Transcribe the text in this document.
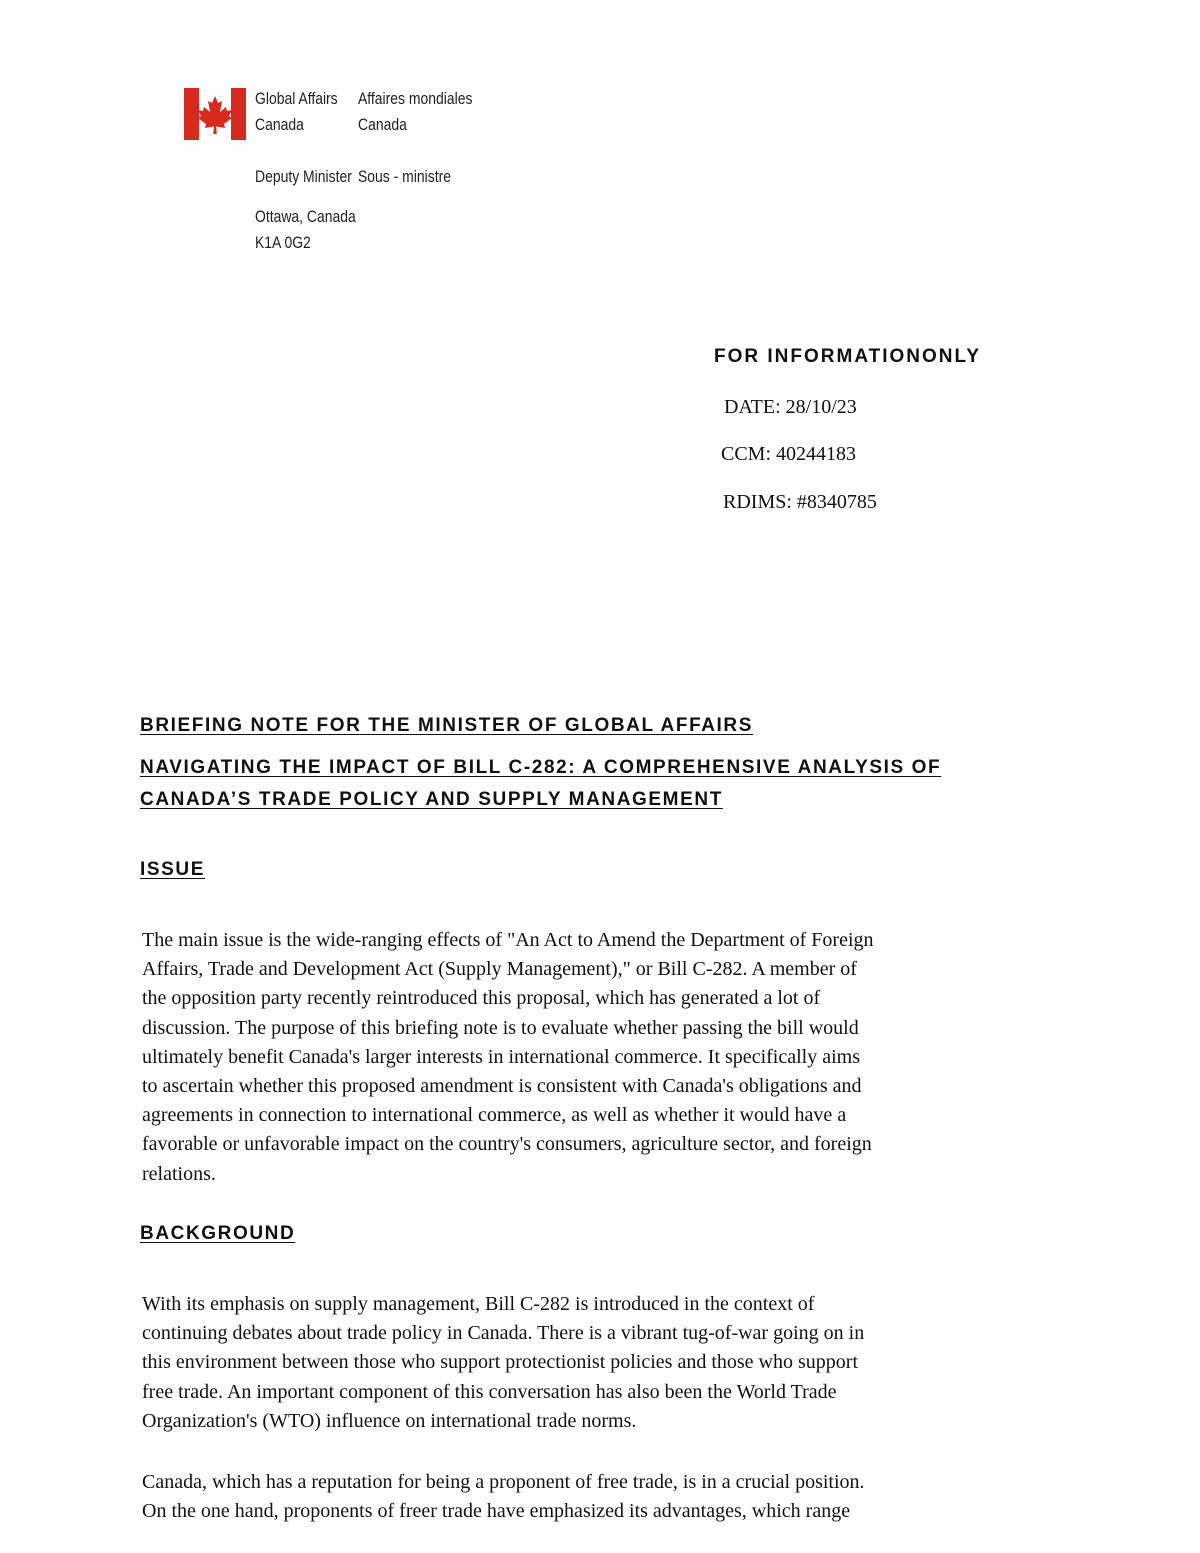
Global Affairs
Canada
Affaires mondiales
Canada
Deputy Minister Sous - ministre
Ottawa, Canada
K1A 0G2
FOR INFORMATIONONLY
DATE: 28/10/23
CCM: 40244183
RDIMS: #8340785
BRIEFING NOTE FOR THE MINISTER OF GLOBAL AFFAIRS
NAVIGATING THE IMPACT OF BILL C-282: A COMPREHENSIVE ANALYSIS OF
CANADA’S TRADE POLICY AND SUPPLY MANAGEMENT
ISSUE

The main issue is the wide-ranging effects of "An Act to Amend the Department of Foreign
Affairs, Trade and Development Act (Supply Management)," or Bill C-282. A member of
the opposition party recently reintroduced this proposal, which has generated a lot of
discussion. The purpose of this briefing note is to evaluate whether passing the bill would
ultimately benefit Canada's larger interests in international commerce. It specifically aims
to ascertain whether this proposed amendment is consistent with Canada's obligations and
agreements in connection to international commerce, as well as whether it would have a
favorable or unfavorable impact on the country's consumers, agriculture sector, and foreign
relations.

BACKGROUND

With its emphasis on supply management, Bill C-282 is introduced in the context of
continuing debates about trade policy in Canada. There is a vibrant tug-of-war going on in
this environment between those who support protectionist policies and those who support
free trade. An important component of this conversation has also been the World Trade
Organization's (WTO) influence on international trade norms.

Canada, which has a reputation for being a proponent of free trade, is in a crucial position.
On the one hand, proponents of freer trade have emphasized its advantages, which range
